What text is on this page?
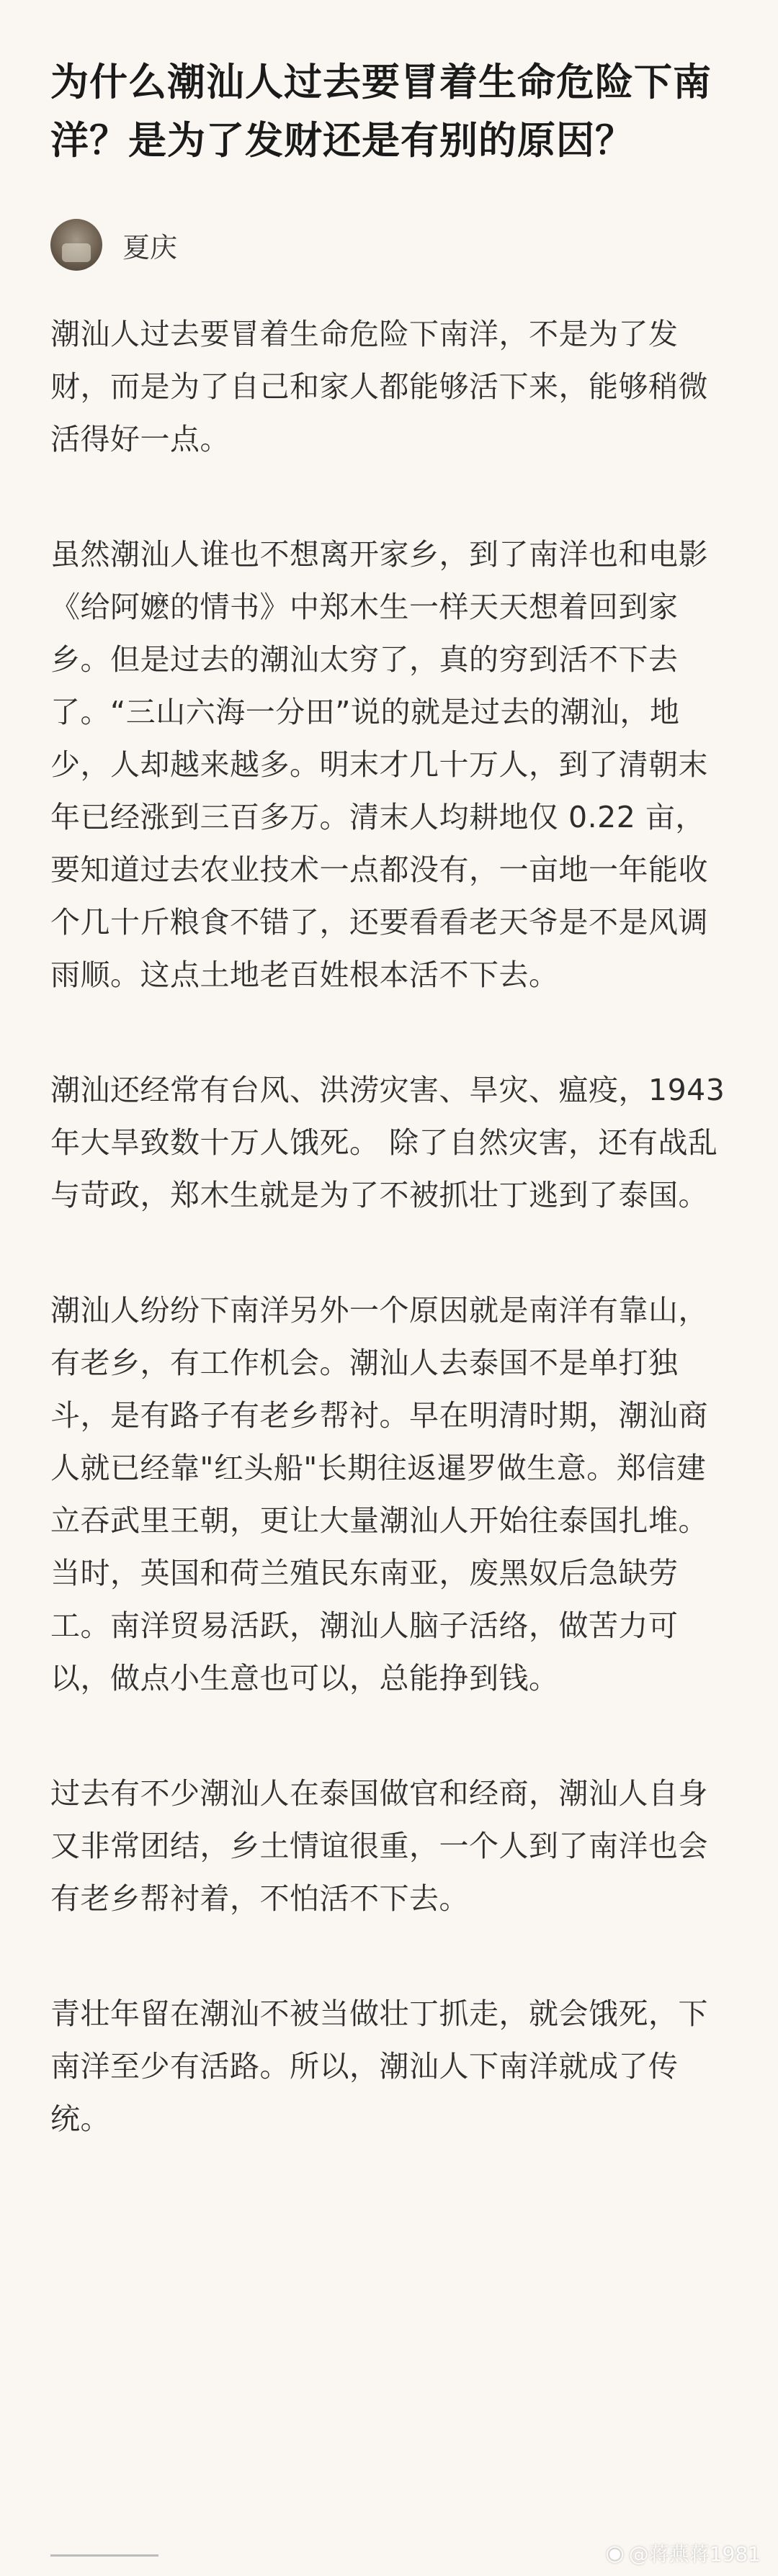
为什么潮汕人过去要冒着生命危险下南洋？是为了发财还是有别的原因？
夏庆

潮汕人过去要冒着生命危险下南洋，不是为了发财，而是为了自己和家人都能够活下来，能够稍微活得好一点。

虽然潮汕人谁也不想离开家乡，到了南洋也和电影《给阿嬷的情书》中郑木生一样天天想着回到家乡。但是过去的潮汕太穷了，真的穷到活不下去了。“三山六海一分田”说的就是过去的潮汕，地少，人却越来越多。明末才几十万人，到了清朝末年已经涨到三百多万。清末人均耕地仅 0.22 亩，要知道过去农业技术一点都没有，一亩地一年能收个几十斤粮食不错了，还要看看老天爷是不是风调雨顺。这点土地老百姓根本活不下去。

潮汕还经常有台风、洪涝灾害、旱灾、瘟疫，1943年大旱致数十万人饿死。 除了自然灾害，还有战乱与苛政，郑木生就是为了不被抓壮丁逃到了泰国。

潮汕人纷纷下南洋另外一个原因就是南洋有靠山，有老乡，有工作机会。潮汕人去泰国不是单打独斗，是有路子有老乡帮衬。早在明清时期，潮汕商人就已经靠"红头船"长期往返暹罗做生意。郑信建立吞武里王朝，更让大量潮汕人开始往泰国扎堆。当时，英国和荷兰殖民东南亚，废黑奴后急缺劳工。南洋贸易活跃，潮汕人脑子活络，做苦力可以，做点小生意也可以，总能挣到钱。

过去有不少潮汕人在泰国做官和经商，潮汕人自身又非常团结，乡土情谊很重，一个人到了南洋也会有老乡帮衬着，不怕活不下去。

青壮年留在潮汕不被当做壮丁抓走，就会饿死，下南洋至少有活路。所以，潮汕人下南洋就成了传统。

◉ @蒋燕蒋1981
